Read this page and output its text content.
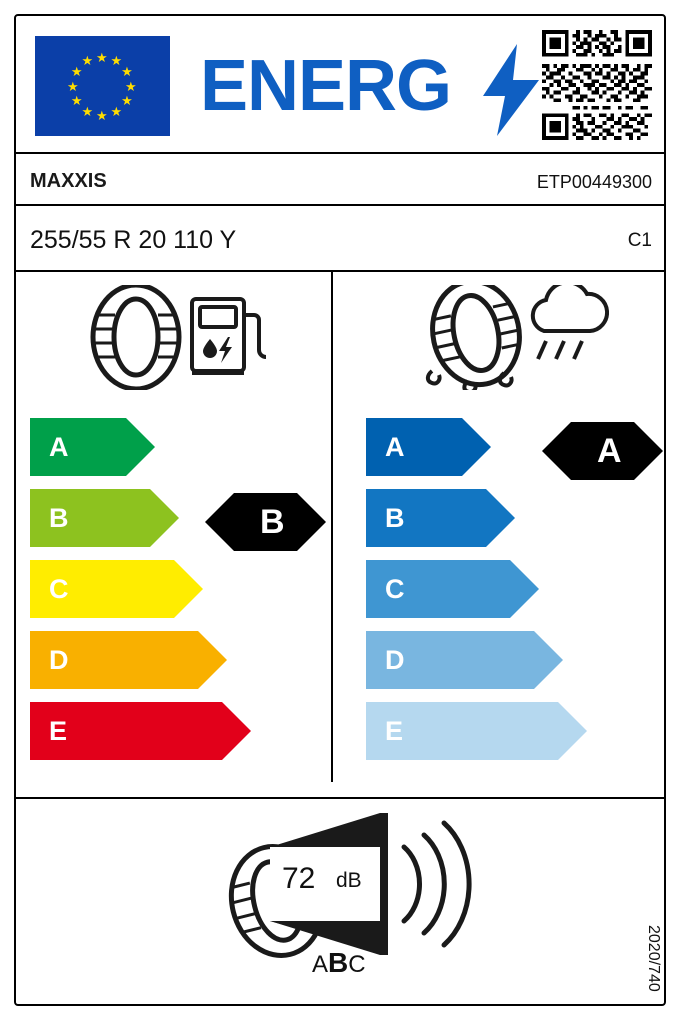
★ ★
★
★
★
★
★
★
★
★
★
★ ENERG
MAXXIS	ETP00449300
255/55 R 20 110 Y	C1
A
B
C
D
E
B
A
B
C
D
E
A
72 dB
ABC	2020/740
